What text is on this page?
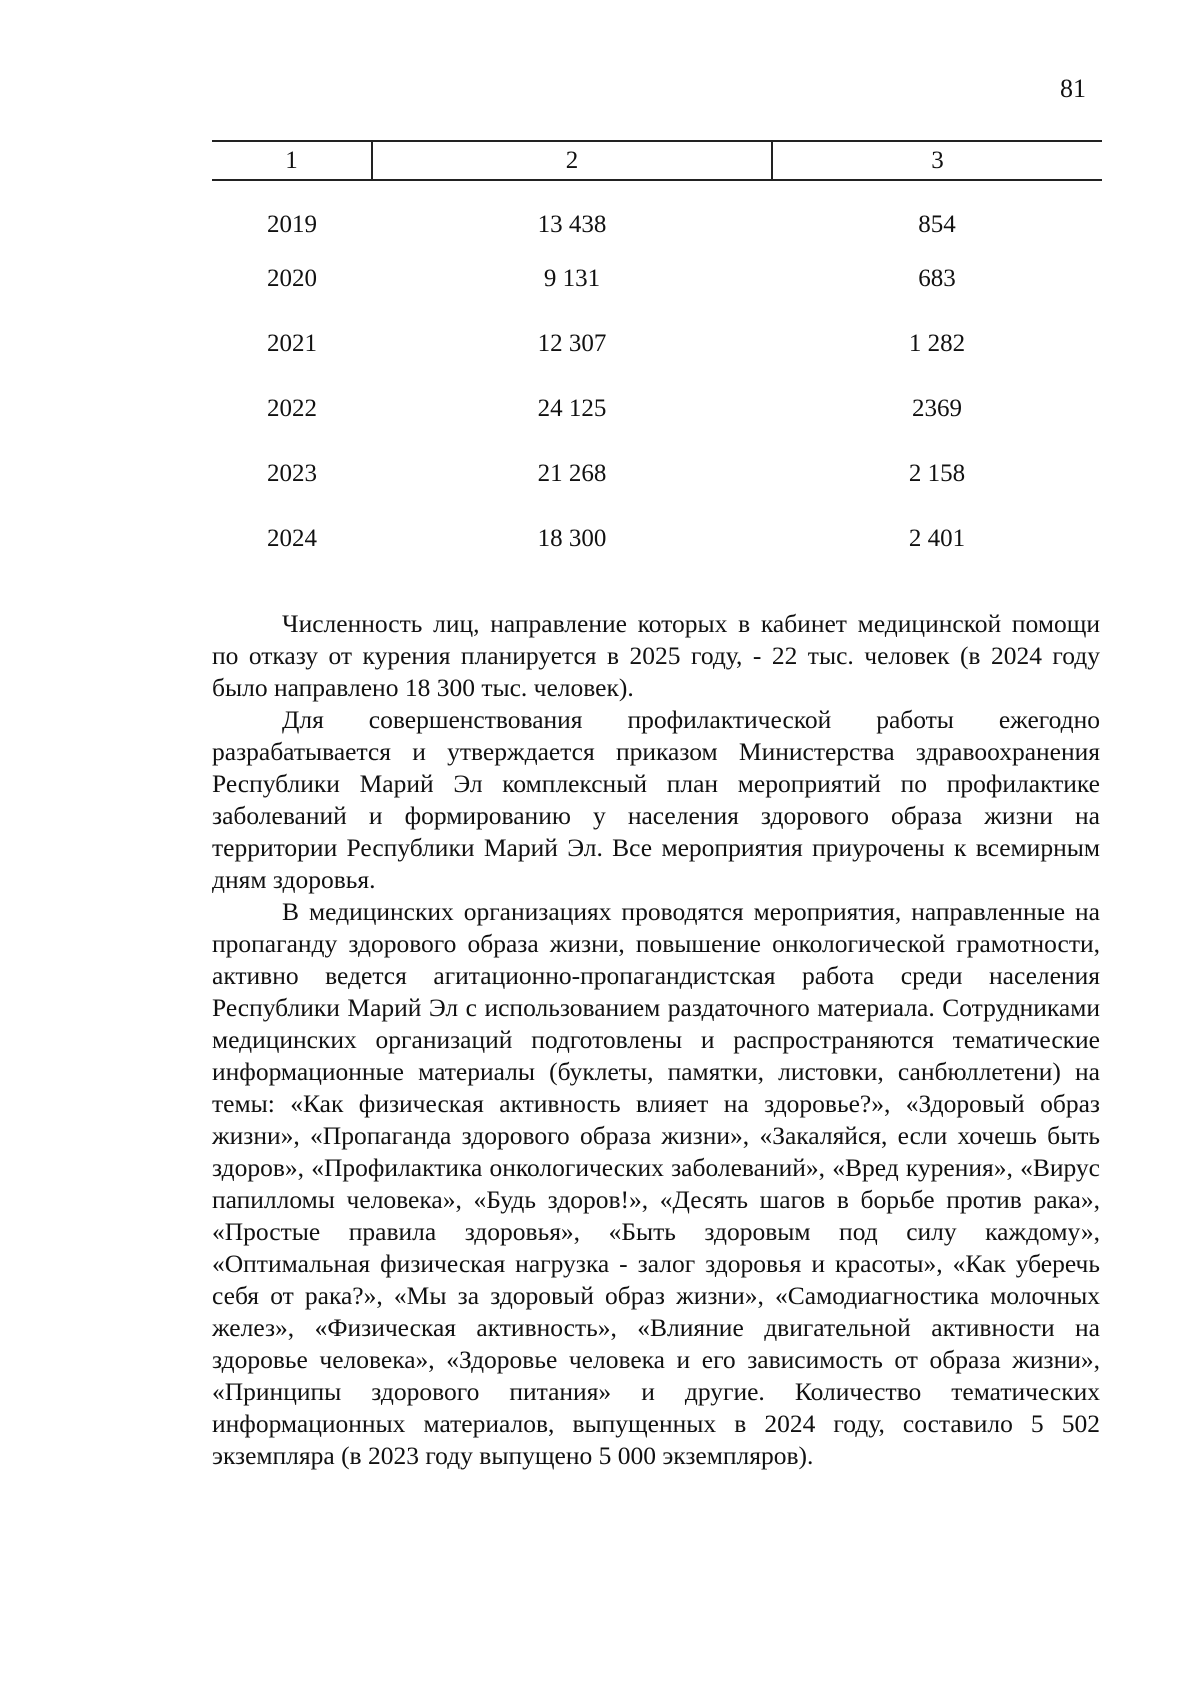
81
1	2	3
2019	13 438	854
2020	9 131	683
2021	12 307	1 282
2022	24 125	2369
2023	21 268	2 158
2024	18 300	2 401

Численность лиц, направление которых в кабинет медицинской помощи по отказу от курения планируется в 2025 году, - 22 тыс. человек (в 2024 году было направлено 18 300 тыс. человек).

Для совершенствования профилактической работы ежегодно разрабатывается и утверждается приказом Министерства здравоохранения Республики Марий Эл комплексный план мероприятий по профилактике заболеваний и формированию у населения здорового образа жизни на территории Республики Марий Эл. Все мероприятия приурочены к всемирным дням здоровья.

В медицинских организациях проводятся мероприятия, направленные на пропаганду здорового образа жизни, повышение онкологической грамотности, активно ведется агитационно-пропагандистская работа среди населения Республики Марий Эл с использованием раздаточного материала. Сотрудниками медицинских организаций подготовлены и распространяются тематические информационные материалы (буклеты, памятки, листовки, санбюллетени) на темы: «Как физическая активность влияет на здоровье?», «Здоровый образ жизни», «Пропаганда здорового образа жизни», «Закаляйся, если хочешь быть здоров», «Профилактика онкологических заболеваний», «Вред курения», «Вирус папилломы человека», «Будь здоров!», «Десять шагов в борьбе против рака», «Простые правила здоровья», «Быть здоровым под силу каждому», «Оптимальная физическая нагрузка - залог здоровья и красоты», «Как уберечь себя от рака?», «Мы за здоровый образ жизни», «Самодиагностика молочных желез», «Физическая активность», «Влияние двигательной активности на здоровье человека», «Здоровье человека и его зависимость от образа жизни», «Принципы здорового питания» и другие. Количество тематических информационных материалов, выпущенных в 2024 году, составило 5 502 экземпляра (в 2023 году выпущено 5 000 экземпляров).
